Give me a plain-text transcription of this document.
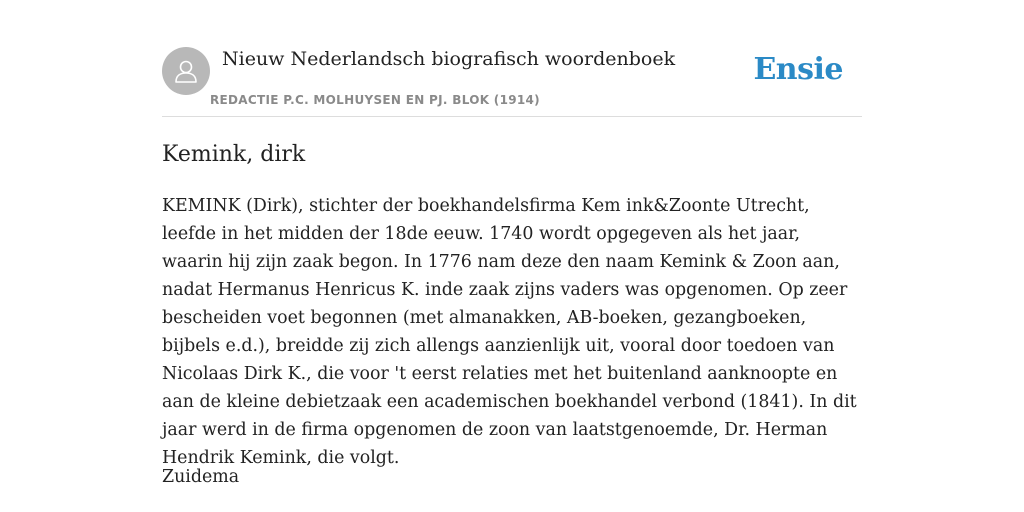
Nieuw Nederlandsch biografisch woordenboek
REDACTIE P.C. MOLHUYSEN EN PJ. BLOK (1914)
Ensie
Kemink, dirk

KEMINK (Dirk), stichter der boekhandelsfirma Kem ink&Zoonte Utrecht, leefde in het midden der 18de eeuw. 1740 wordt opgegeven als het jaar, waarin hij zijn zaak begon. In 1776 nam deze den naam Kemink & Zoon aan, nadat Hermanus Henricus K. inde zaak zijns vaders was opgenomen. Op zeer bescheiden voet begonnen (met almanakken, AB-boeken, gezangboeken, bijbels e.d.), breidde zij zich allengs aanzienlijk uit, vooral door toedoen van Nicolaas Dirk K., die voor 't eerst relaties met het buitenland aanknoopte en aan de kleine debietzaak een academischen boekhandel verbond (1841). In dit jaar werd in de firma opgenomen de zoon van laatstgenoemde, Dr. Herman Hendrik Kemink, die volgt.

Zuidema
